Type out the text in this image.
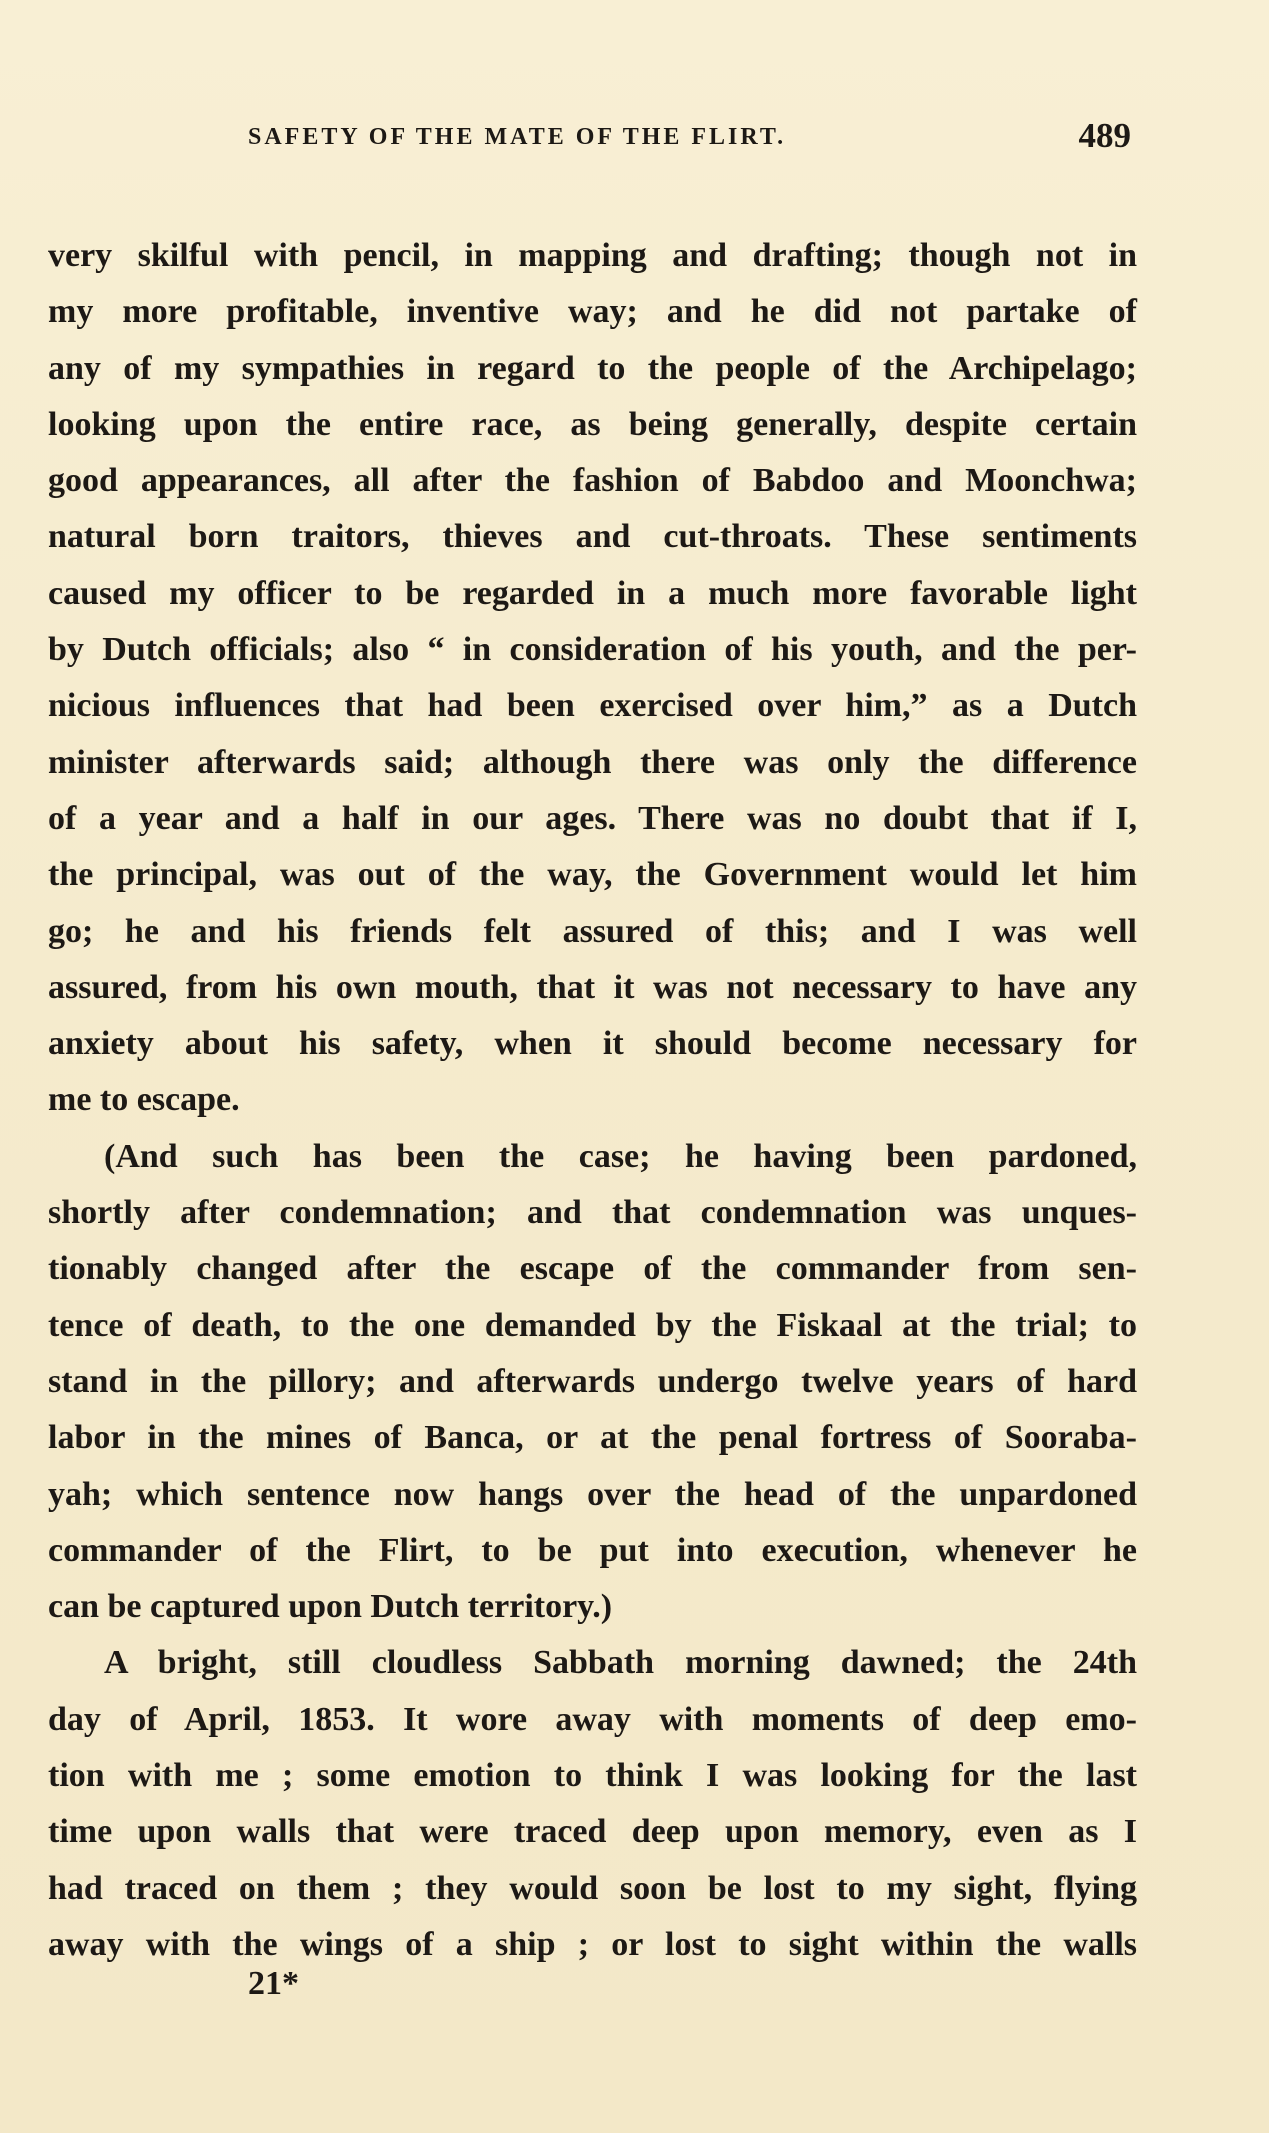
SAFETY OF THE MATE OF THE FLIRT.	489
very skilful with pencil, in mapping and drafting; though not in
my more profitable, inventive way; and he did not partake of
any of my sympathies in regard to the people of the Archipelago;
looking upon the entire race, as being generally, despite certain
good appearances, all after the fashion of Babdoo and Moonchwa;
natural born traitors, thieves and cut-throats. These sentiments
caused my officer to be regarded in a much more favorable light
by Dutch officials; also “ in consideration of his youth, and the per-
nicious influences that had been exercised over him,” as a Dutch
minister afterwards said; although there was only the difference
of a year and a half in our ages. There was no doubt that if I,
the principal, was out of the way, the Government would let him
go; he and his friends felt assured of this; and I was well
assured, from his own mouth, that it was not necessary to have any
anxiety about his safety, when it should become necessary for
me to escape.
(And such has been the case; he having been pardoned,
shortly after condemnation; and that condemnation was unques-
tionably changed after the escape of the commander from sen-
tence of death, to the one demanded by the Fiskaal at the trial; to
stand in the pillory; and afterwards undergo twelve years of hard
labor in the mines of Banca, or at the penal fortress of Sooraba-
yah; which sentence now hangs over the head of the unpardoned
commander of the Flirt, to be put into execution, whenever he
can be captured upon Dutch territory.)
A bright, still cloudless Sabbath morning dawned; the 24th
day of April, 1853. It wore away with moments of deep emo-
tion with me ; some emotion to think I was looking for the last
time upon walls that were traced deep upon memory, even as I
had traced on them ; they would soon be lost to my sight, flying
away with the wings of a ship ; or lost to sight within the walls
21*
